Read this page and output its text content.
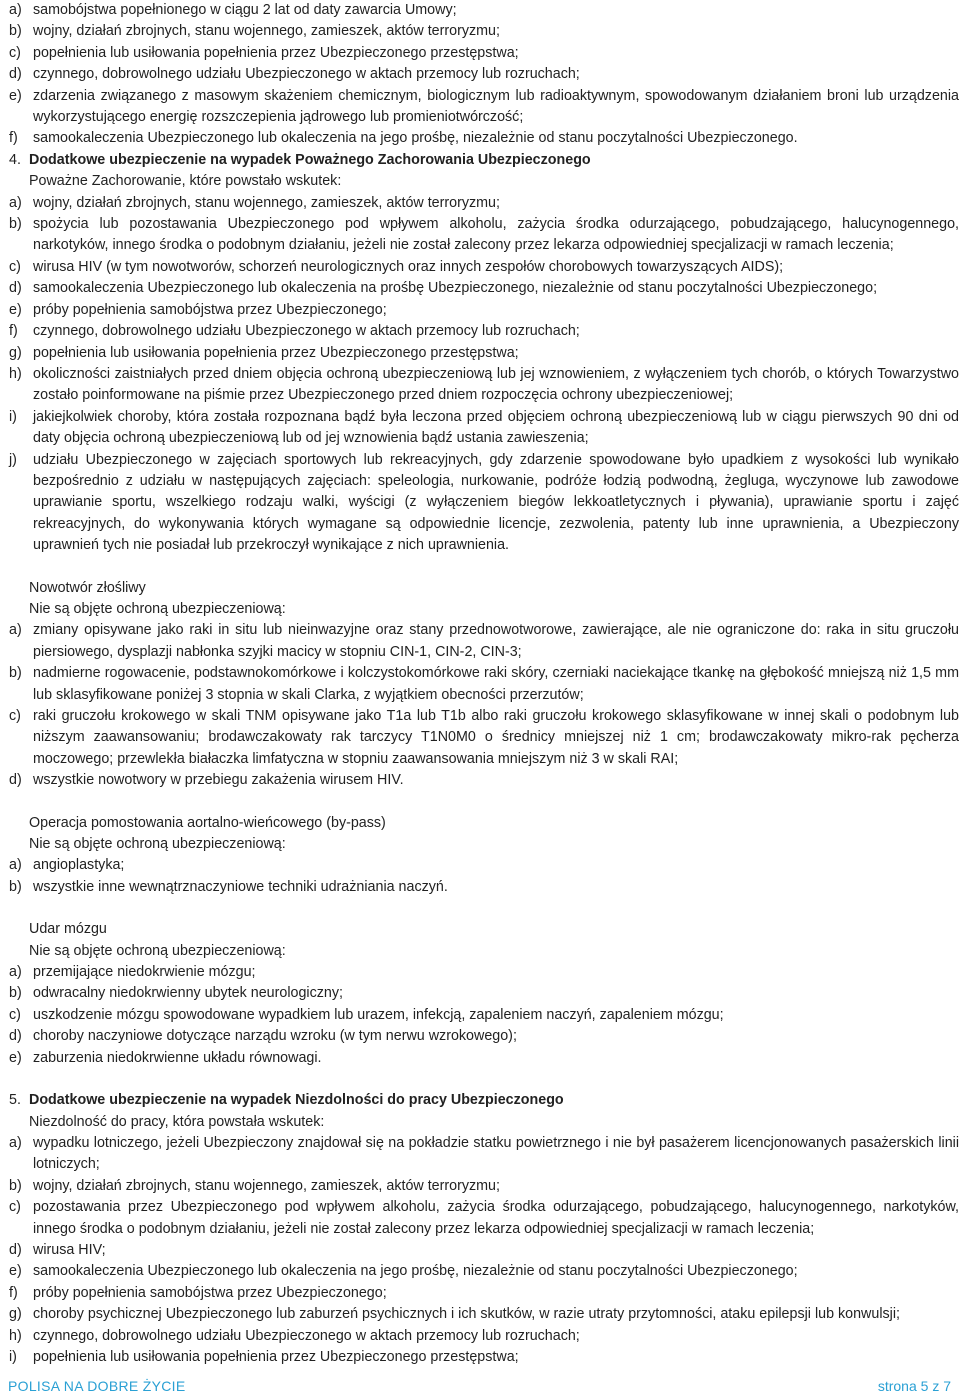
a) samobójstwa popełnionego w ciągu 2 lat od daty zawarcia Umowy;
b) wojny, działań zbrojnych, stanu wojennego, zamieszek, aktów terroryzmu;
c) popełnienia lub usiłowania popełnienia przez Ubezpieczonego przestępstwa;
d) czynnego, dobrowolnego udziału Ubezpieczonego w aktach przemocy lub rozruchach;
e) zdarzenia związanego z masowym skażeniem chemicznym, biologicznym lub radioaktywnym, spowodowanym działaniem broni lub urządzenia wykorzystującego energię rozszczepienia jądrowego lub promieniotwórczość;
f)	samookaleczenia Ubezpieczonego lub okaleczenia na jego prośbę, niezależnie od stanu poczytalności Ubezpieczonego.
4. Dodatkowe ubezpieczenie na wypadek Poważnego Zachorowania Ubezpieczonego

Poważne Zachorowanie, które powstało wskutek:

a) wojny, działań zbrojnych, stanu wojennego, zamieszek, aktów terroryzmu;
b) spożycia lub pozostawania Ubezpieczonego pod wpływem alkoholu, zażycia środka odurzającego, pobudzającego, halucynogennego, narkotyków, innego środka o podobnym działaniu, jeżeli nie został zalecony przez lekarza odpowiedniej specjalizacji w ramach leczenia;
c) wirusa HIV (w tym nowotworów, schorzeń neurologicznych oraz innych zespołów chorobowych towarzyszących AIDS);
d) samookaleczenia Ubezpieczonego lub okaleczenia na prośbę Ubezpieczonego, niezależnie od stanu poczytalności Ubezpieczonego;
e) próby popełnienia samobójstwa przez Ubezpieczonego;
f)	czynnego, dobrowolnego udziału Ubezpieczonego w aktach przemocy lub rozruchach;
g) popełnienia lub usiłowania popełnienia przez Ubezpieczonego przestępstwa;
h) okoliczności zaistniałych przed dniem objęcia ochroną ubezpieczeniową lub jej wznowieniem, z wyłączeniem tych chorób, o których Towarzystwo zostało poinformowane na piśmie przez Ubezpieczonego przed dniem rozpoczęcia ochrony ubezpieczeniowej;
i)	jakiejkolwiek choroby, która została rozpoznana bądź była leczona przed objęciem ochroną ubezpieczeniową lub w ciągu pierwszych 90 dni od daty objęcia ochroną ubezpieczeniową lub od jej wznowienia bądź ustania zawieszenia;
j)	udziału Ubezpieczonego w zajęciach sportowych lub rekreacyjnych, gdy zdarzenie spowodowane było upadkiem z wysokości lub wynikało bezpośrednio z udziału w następujących zajęciach: speleologia, nurkowanie, podróże łodzią podwodną, żegluga, wyczynowe lub zawodowe uprawianie sportu, wszelkiego rodzaju walki, wyścigi (z wyłączeniem biegów lekkoatletycznych i pływania), uprawianie sportu i zajęć rekreacyjnych, do wykonywania których wymagane są odpowiednie licencje, zezwolenia, patenty lub inne uprawnienia, a Ubezpieczony uprawnień tych nie posiadał lub przekroczył wynikające z nich uprawnienia.

Nowotwór złośliwy

Nie są objęte ochroną ubezpieczeniową:

a) zmiany opisywane jako raki in situ lub nieinwazyjne oraz stany przednowotworowe, zawierające, ale nie ograniczone do: raka in situ gruczołu piersiowego, dysplazji nabłonka szyjki macicy w stopniu CIN-1, CIN-2, CIN-3;
b) nadmierne rogowacenie, podstawnokomórkowe i kolczystokomórkowe raki skóry, czerniaki naciekające tkankę na głębokość mniejszą niż 1,5 mm lub sklasyfikowane poniżej 3 stopnia w skali Clarka, z wyjątkiem obecności przerzutów;
c) raki gruczołu krokowego w skali TNM opisywane jako T1a lub T1b albo raki gruczołu krokowego sklasyfikowane w innej skali o podobnym lub niższym zaawansowaniu; brodawczakowaty rak tarczycy T1N0M0 o średnicy mniejszej niż 1 cm; brodawczakowaty mikro-rak pęcherza moczowego; przewlekła białaczka limfatyczna w stopniu zaawansowania mniejszym niż 3 w skali RAI;
d) wszystkie nowotwory w przebiegu zakażenia wirusem HIV.

Operacja pomostowania aortalno-wieńcowego (by-pass)

Nie są objęte ochroną ubezpieczeniową:

a) angioplastyka;
b) wszystkie inne wewnątrznaczyniowe techniki udrażniania naczyń.

Udar mózgu

Nie są objęte ochroną ubezpieczeniową:

a) przemijające niedokrwienie mózgu;
b) odwracalny niedokrwienny ubytek neurologiczny;
c) uszkodzenie mózgu spowodowane wypadkiem lub urazem, infekcją, zapaleniem naczyń, zapaleniem mózgu;
d) choroby naczyniowe dotyczące narządu wzroku (w tym nerwu wzrokowego);
e) zaburzenia niedokrwienne układu równowagi.
5. Dodatkowe ubezpieczenie na wypadek Niezdolności do pracy Ubezpieczonego

Niezdolność do pracy, która powstała wskutek:

a) wypadku lotniczego, jeżeli Ubezpieczony znajdował się na pokładzie statku powietrznego i nie był pasażerem licencjonowanych pasażerskich linii lotniczych;
b) wojny, działań zbrojnych, stanu wojennego, zamieszek, aktów terroryzmu;
c) pozostawania przez Ubezpieczonego pod wpływem alkoholu, zażycia środka odurzającego, pobudzającego, halucynogennego, narkotyków, innego środka o podobnym działaniu, jeżeli nie został zalecony przez lekarza odpowiedniej specjalizacji w ramach leczenia;
d) wirusa HIV;
e) samookaleczenia Ubezpieczonego lub okaleczenia na jego prośbę, niezależnie od stanu poczytalności Ubezpieczonego;
f)	próby popełnienia samobójstwa przez Ubezpieczonego;
g) choroby psychicznej Ubezpieczonego lub zaburzeń psychicznych i ich skutków, w razie utraty przytomności, ataku epilepsji lub konwulsji;
h) czynnego, dobrowolnego udziału Ubezpieczonego w aktach przemocy lub rozruchach;
i)	popełnienia lub usiłowania popełnienia przez Ubezpieczonego przestępstwa;
POLISA NA DOBRE ŻYCIE	strona 5 z 7
